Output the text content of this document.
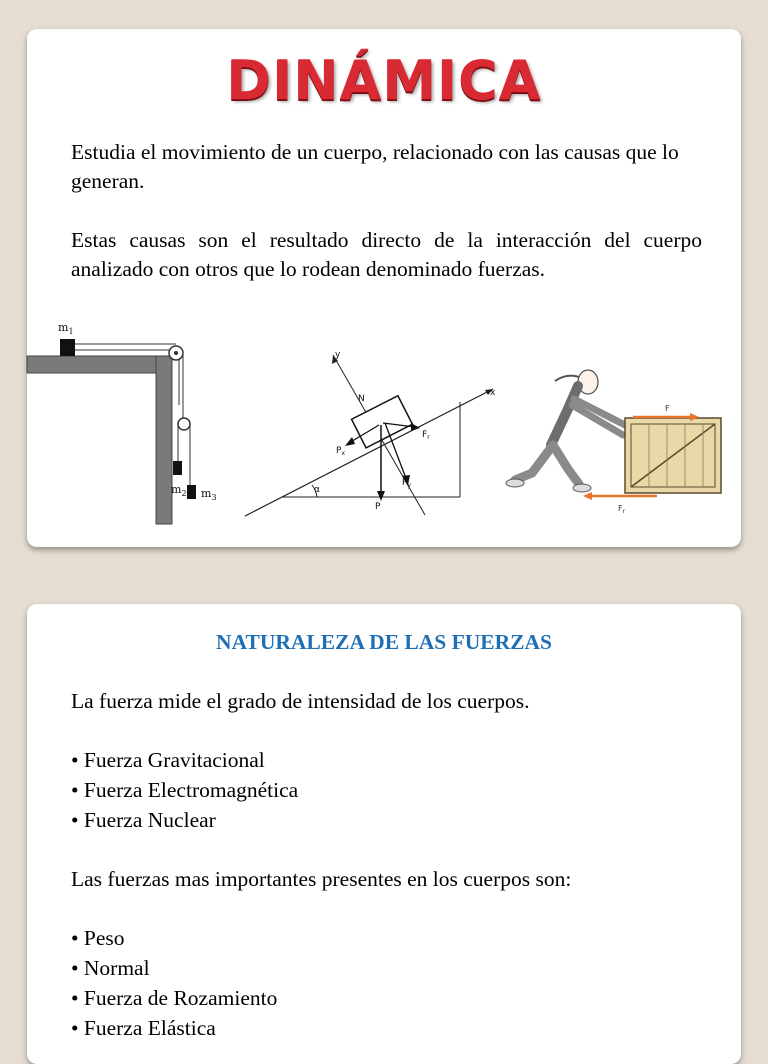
DINÁMICA

Estudia el movimiento de un cuerpo, relacionado con las causas que lo generan.

Estas causas son el resultado directo de la interacción del cuerpo analizado con otros que lo rodean denominado fuerzas.

$m_1$
$m_2$ $m_3$
y
x
N
$F_r$
$P_x$
$P_y$
P
α
F
$F_r$
NATURALEZA DE LAS FUERZAS
La fuerza mide el grado de intensidad de los cuerpos.
• Fuerza Gravitacional
• Fuerza Electromagnética
• Fuerza Nuclear
Las fuerzas mas importantes presentes en los cuerpos son:
• Peso
• Normal
• Fuerza de Rozamiento
• Fuerza Elástica
